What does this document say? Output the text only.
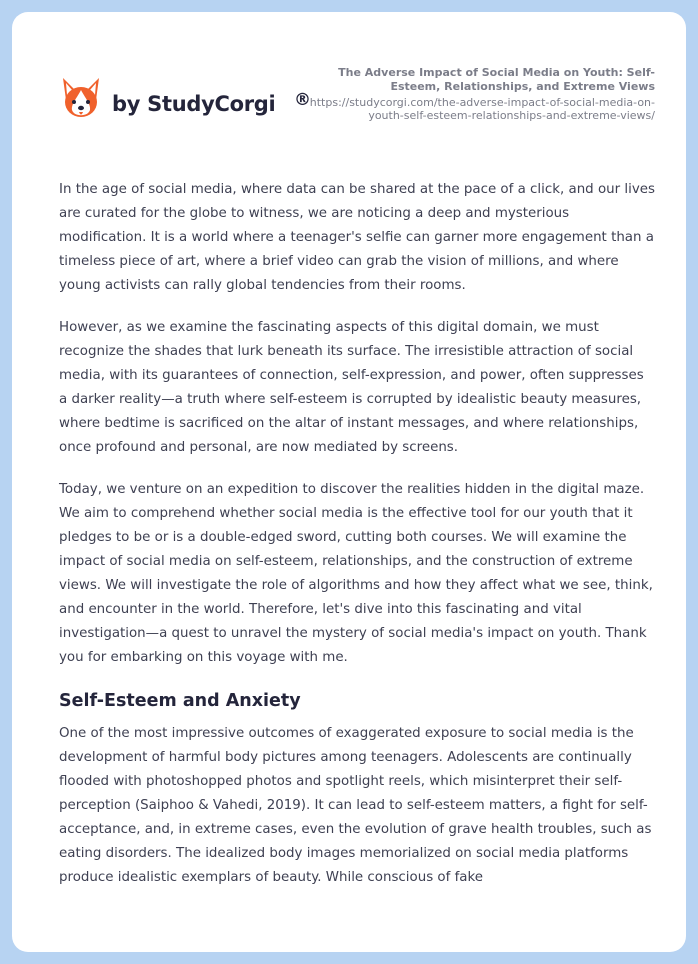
by StudyCorgi ®

The Adverse Impact of Social Media on Youth: Self-Esteem, Relationships, and Extreme Views

https://studycorgi.com/the-adverse-impact-of-social-media-on-youth-self-esteem-relationships-and-extreme-views/

In the age of social media, where data can be shared at the pace of a click, and our lives are curated for the globe to witness, we are noticing a deep and mysterious modification. It is a world where a teenager's selfie can garner more engagement than a timeless piece of art, where a brief video can grab the vision of millions, and where young activists can rally global tendencies from their rooms.

However, as we examine the fascinating aspects of this digital domain, we must recognize the shades that lurk beneath its surface. The irresistible attraction of social media, with its guarantees of connection, self-expression, and power, often suppresses a darker reality—a truth where self-esteem is corrupted by idealistic beauty measures, where bedtime is sacrificed on the altar of instant messages, and where relationships, once profound and personal, are now mediated by screens.

Today, we venture on an expedition to discover the realities hidden in the digital maze. We aim to comprehend whether social media is the effective tool for our youth that it pledges to be or is a double-edged sword, cutting both courses. We will examine the impact of social media on self-esteem, relationships, and the construction of extreme views. We will investigate the role of algorithms and how they affect what we see, think, and encounter in the world. Therefore, let's dive into this fascinating and vital investigation—a quest to unravel the mystery of social media's impact on youth. Thank you for embarking on this voyage with me.

Self-Esteem and Anxiety

One of the most impressive outcomes of exaggerated exposure to social media is the development of harmful body pictures among teenagers. Adolescents are continually flooded with photoshopped photos and spotlight reels, which misinterpret their self-perception (Saiphoo & Vahedi, 2019). It can lead to self-esteem matters, a fight for self-acceptance, and, in extreme cases, even the evolution of grave health troubles, such as eating disorders. The idealized body images memorialized on social media platforms produce idealistic exemplars of beauty. While conscious of fake
